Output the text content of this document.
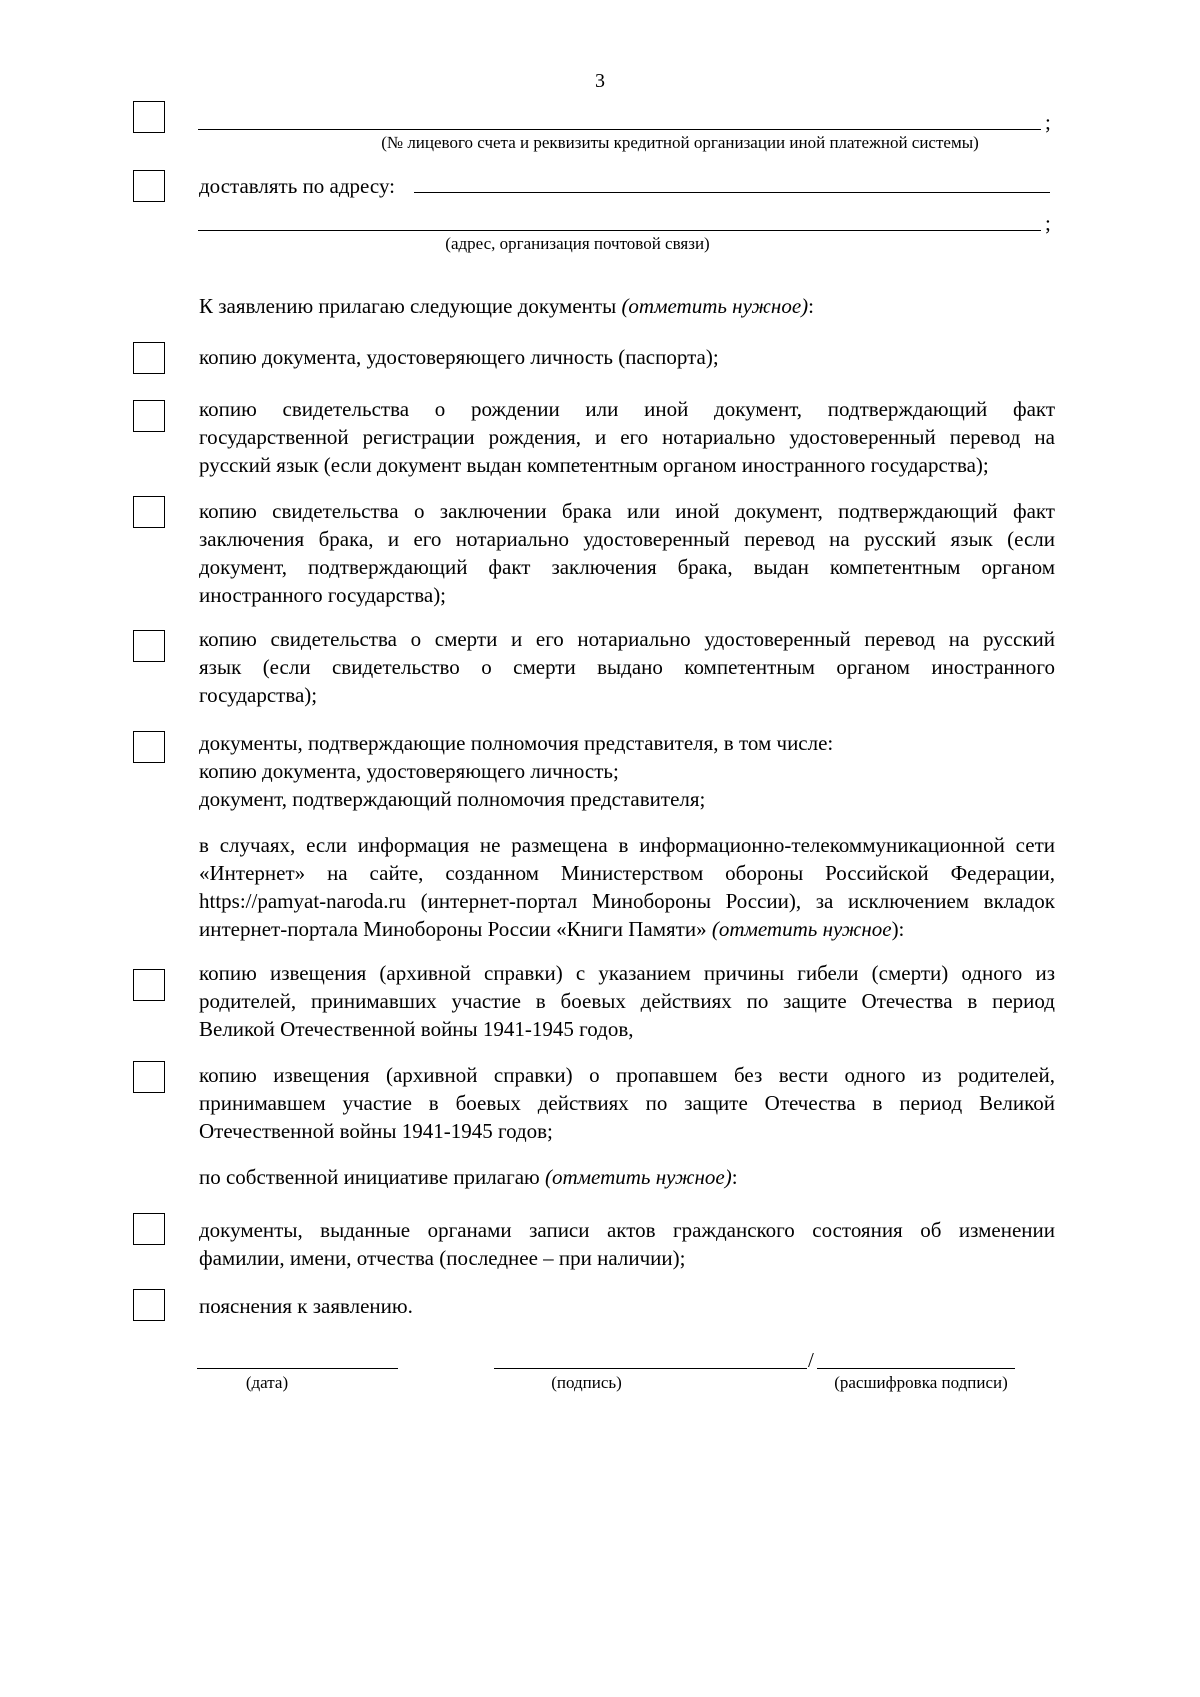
3
;
(№ лицевого счета и реквизиты кредитной организации иной платежной системы)
доставлять по адресу:
;
(адрес, организация почтовой связи)
К заявлению прилагаю следующие документы (отметить нужное):
копию документа, удостоверяющего личность (паспорта);
копию свидетельства о рождении или иной документ, подтверждающий факт
государственной регистрации рождения, и его нотариально удостоверенный перевод на
русский язык (если документ выдан компетентным органом иностранного государства);
копию свидетельства о заключении брака или иной документ, подтверждающий факт
заключения брака, и его нотариально удостоверенный перевод на русский язык (если
документ, подтверждающий факт заключения брака, выдан компетентным органом
иностранного государства);
копию свидетельства о смерти и его нотариально удостоверенный перевод на русский
язык (если свидетельство о смерти выдано компетентным органом иностранного
государства);
документы, подтверждающие полномочия представителя, в том числе:
копию документа, удостоверяющего личность;
документ, подтверждающий полномочия представителя;
в случаях, если информация не размещена в информационно-телекоммуникационной сети
«Интернет» на сайте, созданном Министерством обороны Российской Федерации,
https://pamyat-naroda.ru (интернет-портал Минобороны России), за исключением вкладок
интернет-портала Минобороны России «Книги Памяти» (отметить нужное):
копию извещения (архивной справки) с указанием причины гибели (смерти) одного из
родителей, принимавших участие в боевых действиях по защите Отечества в период
Великой Отечественной войны 1941-1945 годов,
копию извещения (архивной справки) о пропавшем без вести одного из родителей,
принимавшем участие в боевых действиях по защите Отечества в период Великой
Отечественной войны 1941-1945 годов;
по собственной инициативе прилагаю (отметить нужное):
документы, выданные органами записи актов гражданского состояния об изменении
фамилии, имени, отчества (последнее – при наличии);
пояснения к заявлению.
(дата)
/
(подпись)	(расшифровка подписи)
